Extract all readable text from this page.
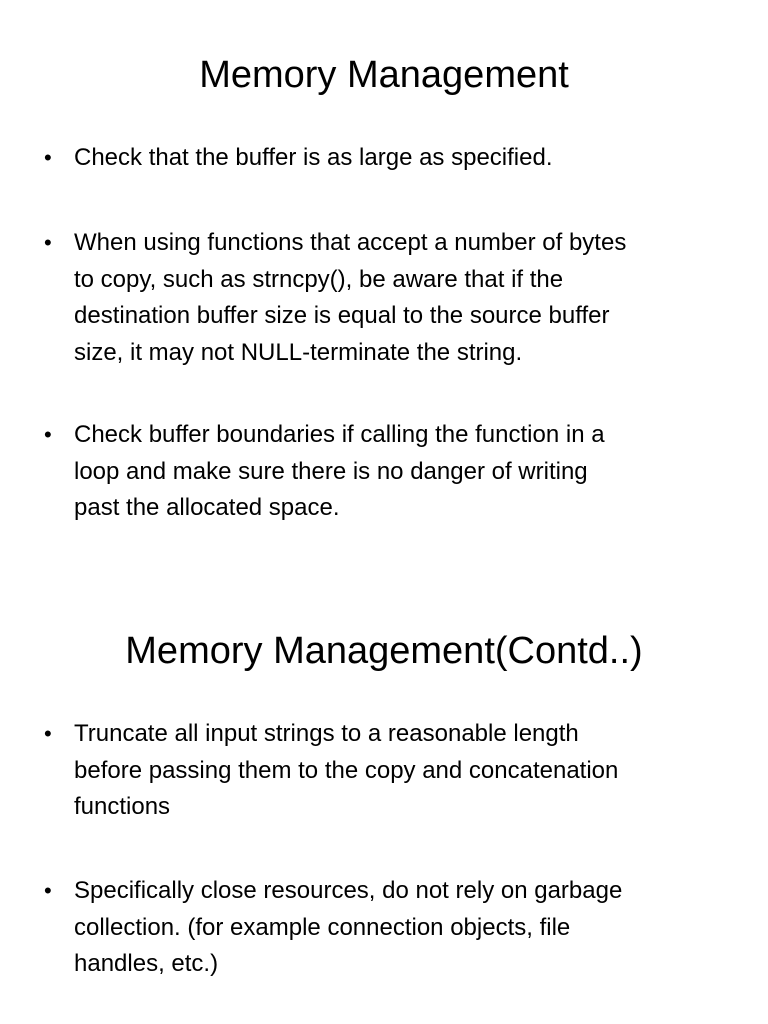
Memory Management
• Check that the buffer is as large as specified.
• When using functions that accept a number of bytes
to copy, such as strncpy(), be aware that if the
destination buffer size is equal to the source buffer
size, it may not NULL-terminate the string.
• Check buffer boundaries if calling the function in a
loop and make sure there is no danger of writing
past the allocated space.
Memory Management(Contd..)
• Truncate all input strings to a reasonable length
before passing them to the copy and concatenation
functions
• Specifically close resources, do not rely on garbage
collection. (for example connection objects, file
handles, etc.)
